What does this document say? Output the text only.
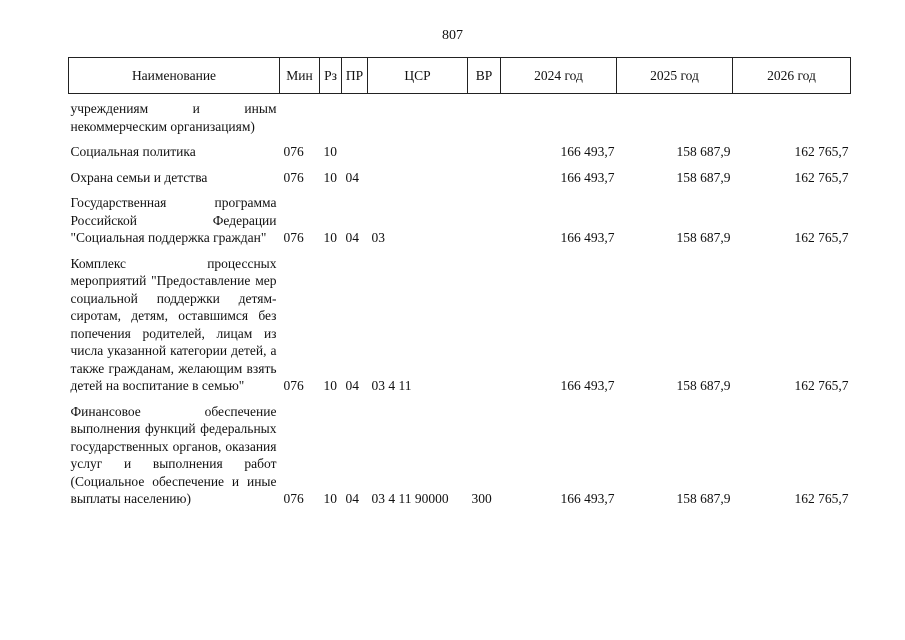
807
Наименование	Мин	Рз	ПР	ЦСР	ВР	2024 год	2025 год	2026 год

учреждениям и иным некоммерческим организациям)								

Социальная политика	076	10				166 493,7	158 687,9	162 765,7

Охрана семьи и детства	076	10	04			166 493,7	158 687,9	162 765,7

Государственная программа Российской Федерации "Социальная поддержка граждан"	076	10	04	03		166 493,7	158 687,9	162 765,7

Комплекс процессных мероприятий "Предоставление мер социальной поддержки детям-сиротам, детям, оставшимся без попечения родителей, лицам из числа указанной категории детей, а также гражданам, желающим взять детей на воспитание в семью"	076	10	04	03 4 11		166 493,7	158 687,9	162 765,7

Финансовое обеспечение выполнения функций федеральных государственных органов, оказания услуг и выполнения работ (Социальное обеспечение и иные выплаты населению)	076	10	04	03 4 11 90000	300	166 493,7	158 687,9	162 765,7
